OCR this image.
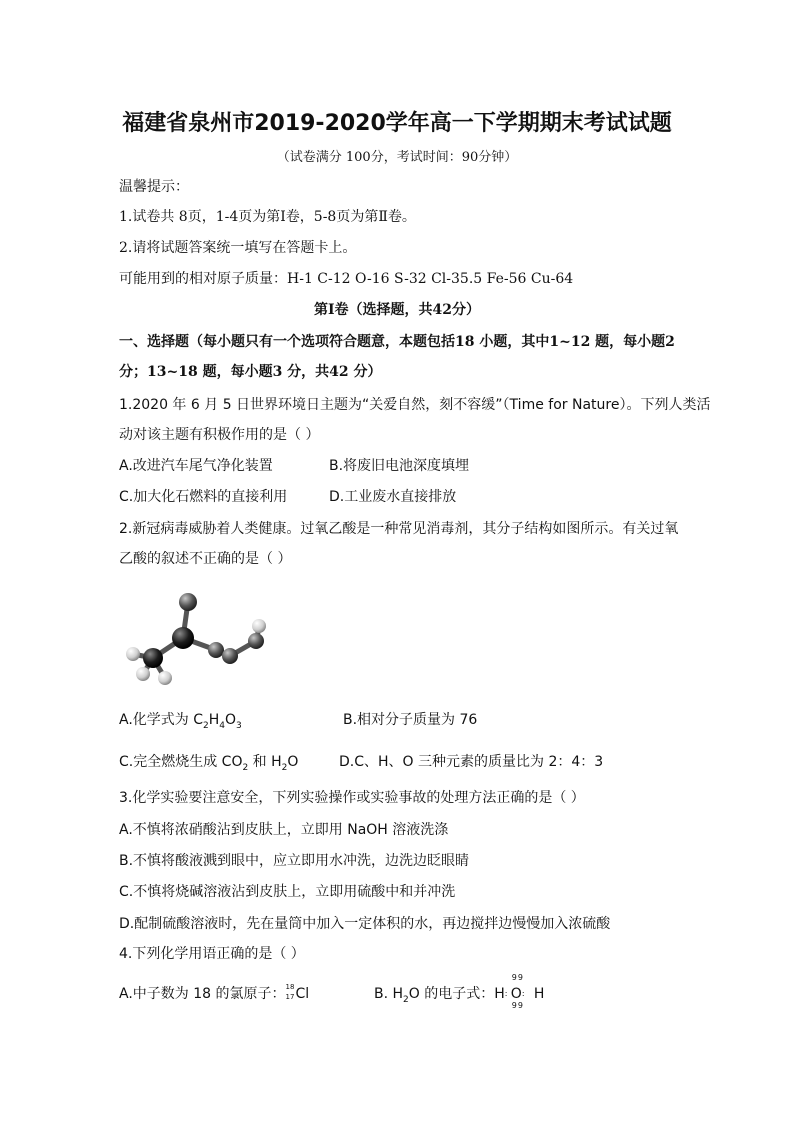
福建省泉州市2019-2020学年高一下学期期末考试试题
（试卷满分 100分，考试时间：90分钟）
温馨提示：
1.试卷共 8页，1-4页为第Ⅰ卷，5-8页为第Ⅱ卷。
2.请将试题答案统一填写在答题卡上。
可能用到的相对原子质量：H-1 C-12 O-16 S-32 Cl-35.5 Fe-56 Cu-64
第Ⅰ卷（选择题，共42分）
一、选择题（每小题只有一个选项符合题意，本题包括18 小题，其中1~12 题，每小题2
分；13~18 题，每小题3 分，共42 分）
1.2020 年 6 月 5 日世界环境日主题为“关爱自然，刻不容缓”（Time for Nature）。下列人类活
动对该主题有积极作用的是（ ）
A.改进汽车尾气净化装置	B.将废旧电池深度填埋
C.加大化石燃料的直接利用	D.工业废水直接排放
2.新冠病毒威胁着人类健康。过氧乙酸是一种常见消毒剂，其分子结构如图所示。有关过氧
乙酸的叙述不正确的是（ ）
A.化学式为 $C_2H_4O_3$	B.相对分子质量为 76
C.完全燃烧生成 $CO_2$ 和 $H_2O$	D.C、H、O 三种元素的质量比为 2：4：3
3.化学实验要注意安全，下列实验操作或实验事故的处理方法正确的是（ ）
A.不慎将浓硝酸沾到皮肤上，立即用 NaOH 溶液洗涤
B.不慎将酸液溅到眼中，应立即用水冲洗，边洗边眨眼睛
C.不慎将烧碱溶液沾到皮肤上，立即用硫酸中和并冲洗
D.配制硫酸溶液时，先在量筒中加入一定体积的水，再边搅拌边慢慢加入浓硫酸
4.下列化学用语正确的是（ ）
A.中子数为 18 的氯原子： 18
17 Cl	B. $H_2O$ 的电子式：H:
99
O
99
: H
